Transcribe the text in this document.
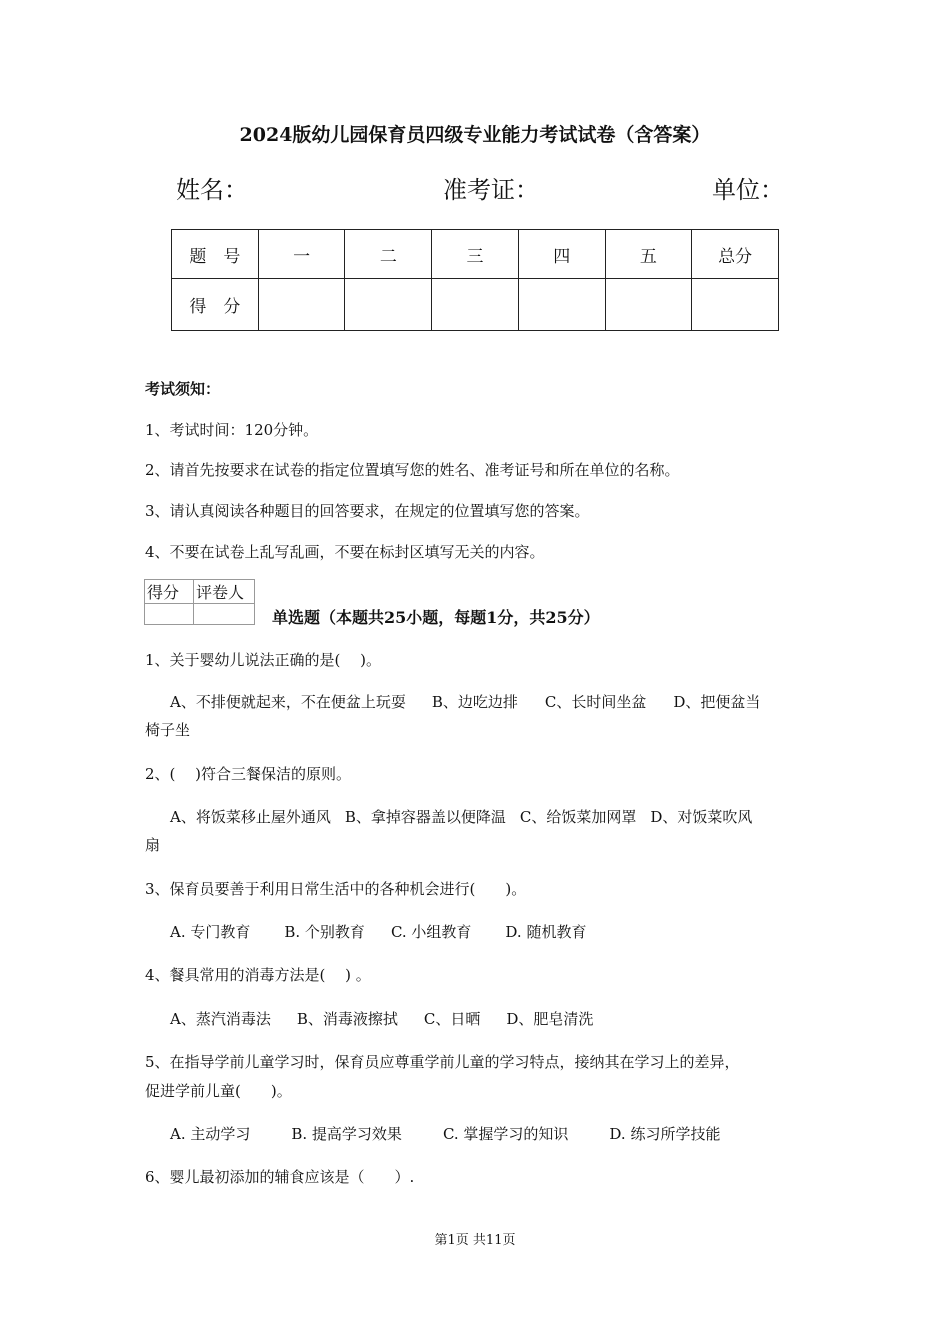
2024版幼儿园保育员四级专业能力考试试卷（含答案）
姓名：	准考证：	单位：
题　号	一	二	三	四	五	总分
得　分						
考试须知：
1、考试时间：120分钟。
2、请首先按要求在试卷的指定位置填写您的姓名、准考证号和所在单位的名称。
3、请认真阅读各种题目的回答要求，在规定的位置填写您的答案。
4、不要在试卷上乱写乱画，不要在标封区填写无关的内容。
得分	评卷人

单选题（本题共25小题，每题1分，共25分）
1、关于婴幼儿说法正确的是(　 )。
A、不排便就起来，不在便盆上玩耍 B、边吃边排 C、长时间坐盆 D、把便盆当
椅子坐
2、(　 )符合三餐保洁的原则。
A、将饭菜移止屋外通风 B、拿掉容器盖以便降温 C、给饭菜加网罩 D、对饭菜吹风
扇
3、保育员要善于利用日常生活中的各种机会进行(　　)。
A. 专门教育 B. 个别教育 C. 小组教育 D. 随机教育
4、餐具常用的消毒方法是(　 ) 。
A、蒸汽消毒法 B、消毒液擦拭 C、日晒 D、肥皂清洗
5、在指导学前儿童学习时，保育员应尊重学前儿童的学习特点，接纳其在学习上的差异，
促进学前儿童(　　)。
A. 主动学习	B. 提高学习效果	C. 掌握学习的知识	D. 练习所学技能
6、婴儿最初添加的辅食应该是（　　）.
第1页 共11页
